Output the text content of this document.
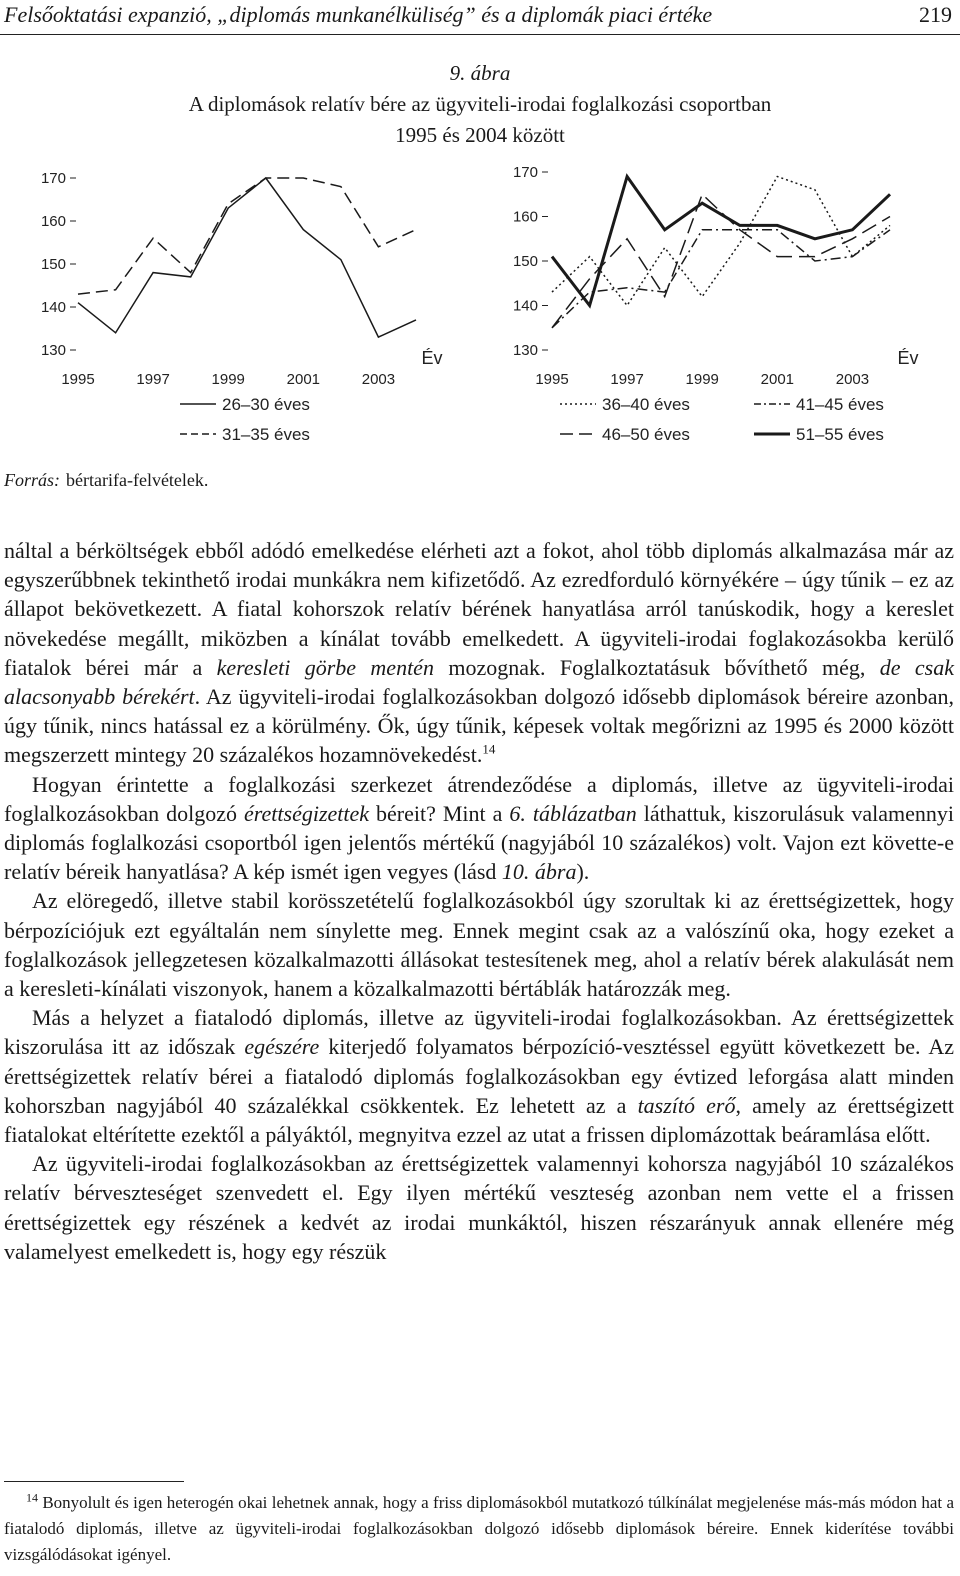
Felsőoktatási expanzió, „diplomás munkanélküliség” és a diplomák piaci értéke	219
9. ábra
A diplomások relatív bére az ügyviteli-irodai foglalkozási csoportban
1995 és 2004 között
130
140
150
160
170
1995	1997	1999	2001	2003
Év
26–30 éves
31–35 éves
130
140
150
160
170
1995	1997	1999	2001	2003
Év
36–40 éves	41–45 éves
46–50 éves	51–55 éves
Forrás: bértarifa-felvételek.

náltal a bérköltségek ebből adódó emelkedése elérheti azt a fokot, ahol több diplomás alkalmazása már az egyszerűbbnek tekinthető irodai munkákra nem kifizetődő. Az ezredforduló környékére – úgy tűnik – ez az állapot bekövetkezett. A fiatal kohorszok relatív bérének hanyatlása arról tanúskodik, hogy a kereslet növekedése megállt, miközben a kínálat tovább emelkedett. A ügyviteli-irodai foglakozásokba kerülő fiatalok bérei már a keresleti görbe mentén mozognak. Foglalkoztatásuk bővíthető még, de csak alacsonyabb bérekért. Az ügyviteli-irodai foglalkozásokban dolgozó idősebb diplomások béreire azonban, úgy tűnik, nincs hatással ez a körülmény. Ők, úgy tűnik, képesek voltak megőrizni az 1995 és 2000 között megszerzett mintegy 20 százalékos hozamnövekedést.$^{14}$

Hogyan érintette a foglalkozási szerkezet átrendeződése a diplomás, illetve az ügyviteli-irodai foglalkozásokban dolgozó érettségizettek béreit? Mint a 6. táblázatban láthattuk, kiszorulásuk valamennyi diplomás foglalkozási csoportból igen jelentős mértékű (nagyjából 10 százalékos) volt. Vajon ezt követte-e relatív béreik hanyatlása? A kép ismét igen vegyes (lásd 10. ábra).

Az elöregedő, illetve stabil korösszetételű foglalkozásokból úgy szorultak ki az érettségizettek, hogy bérpozíciójuk ezt egyáltalán nem sínylette meg. Ennek megint csak az a valószínű oka, hogy ezeket a foglalkozások jellegzetesen közalkalmazotti állásokat testesítenek meg, ahol a relatív bérek alakulását nem a keresleti-kínálati viszonyok, hanem a közalkalmazotti bértáblák határozzák meg.

Más a helyzet a fiatalodó diplomás, illetve az ügyviteli-irodai foglalkozásokban. Az érettségizettek kiszorulása itt az időszak egészére kiterjedő folyamatos bérpozíció-vesztéssel együtt következett be. Az érettségizettek relatív bérei a fiatalodó diplomás foglalkozásokban egy évtized leforgása alatt minden kohorszban nagyjából 40 százalékkal csökkentek. Ez lehetett az a taszító erő, amely az érettségizett fiatalokat eltérítette ezektől a pályáktól, megnyitva ezzel az utat a frissen diplomázottak beáramlása előtt.

Az ügyviteli-irodai foglalkozásokban az érettségizettek valamennyi kohorsza nagyjából 10 százalékos relatív bérveszteséget szenvedett el. Egy ilyen mértékű veszteség azonban nem vette el a frissen érettségizettek egy részének a kedvét az irodai munkáktól, hiszen részarányuk annak ellenére még valamelyest emelkedett is, hogy egy részük

$^{14}$ Bonyolult és igen heterogén okai lehetnek annak, hogy a friss diplomásokból mutatkozó túlkínálat megjelenése más-más módon hat a fiatalodó diplomás, illetve az ügyviteli-irodai foglalkozásokban dolgozó idősebb diplomások béreire. Ennek kiderítése további vizsgálódásokat igényel.
